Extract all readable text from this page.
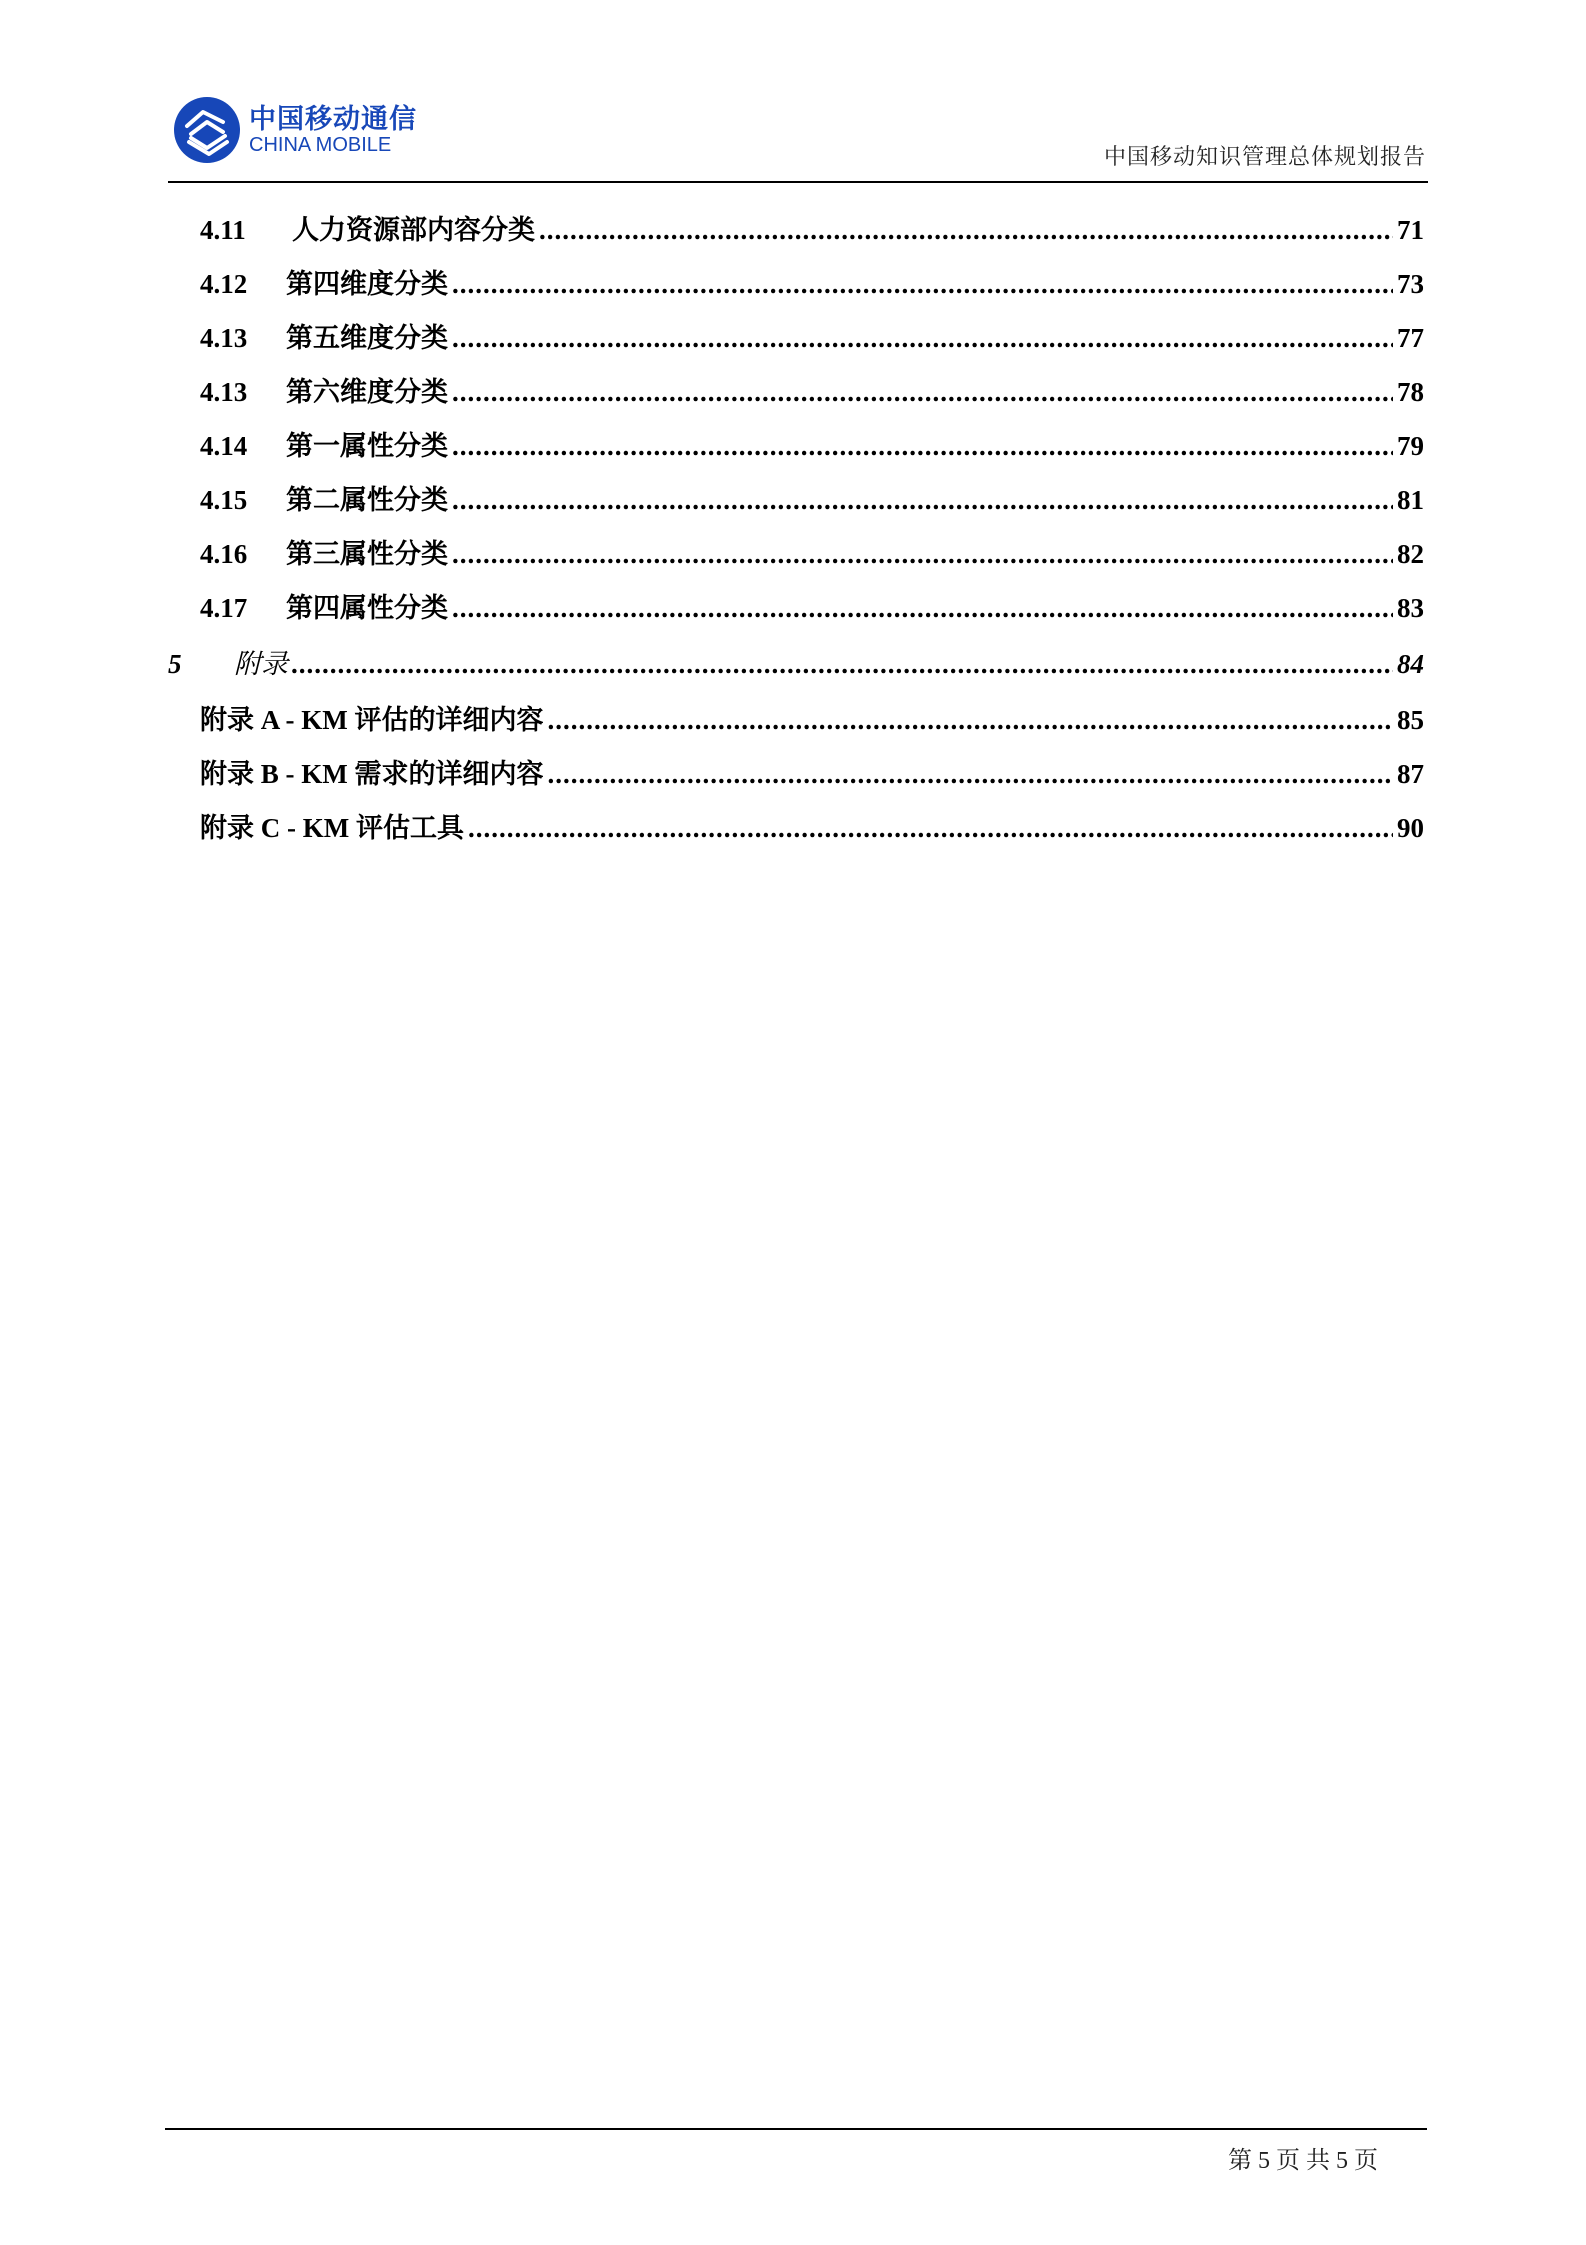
中国移动通信
CHINA MOBILE	中国移动知识管理总体规划报告
4.11	人力资源部内容分类 .....	71
4.12	第四维度分类 .....	73
4.13	第五维度分类 .....	77
4.13	第六维度分类 .....	78
4.14	第一属性分类 .....	79
4.15	第二属性分类 .....	81
4.16	第三属性分类 .....	82
4.17	第四属性分类 .....	83
5	附录 .....	84
附录 A - KM 评估的详细内容 .....	85
附录 B - KM 需求的详细内容 .....	87
附录 C - KM 评估工具 .....	90
第 5 页 共 5 页
